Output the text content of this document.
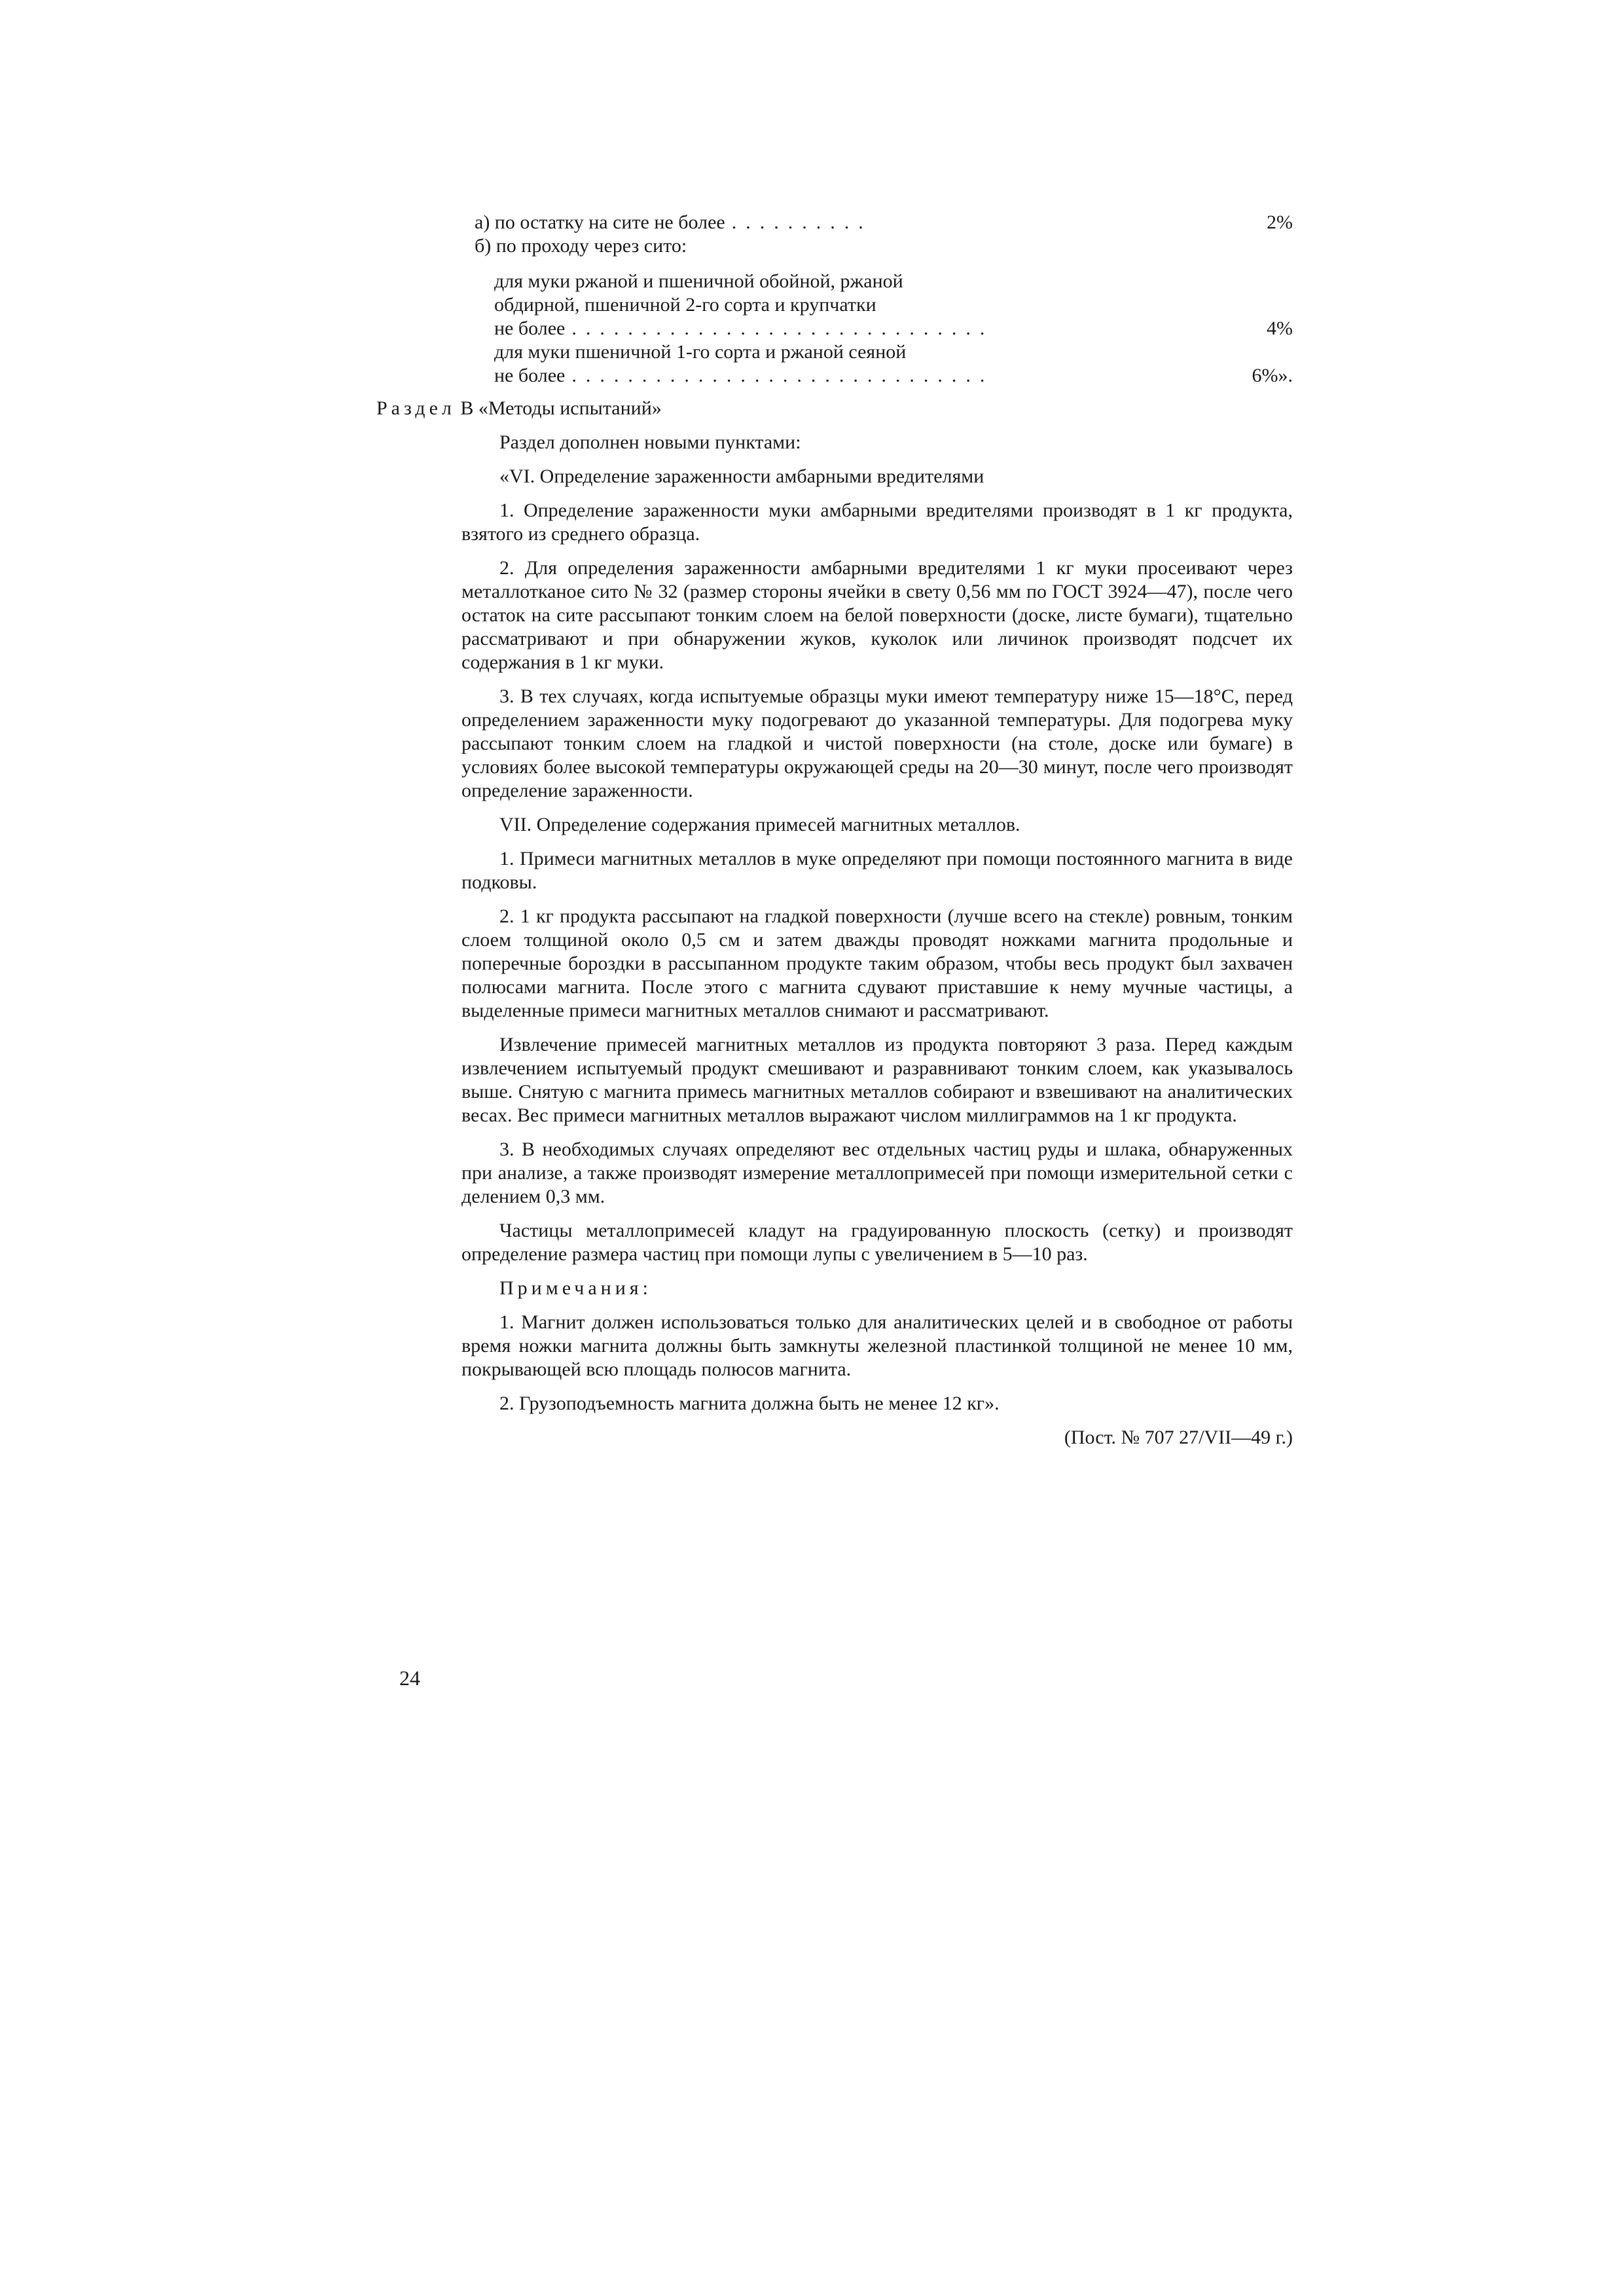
а) по остатку на сите не более ..........	2%
б) по проходу через сито:
для муки ржаной и пшеничной обойной, ржаной
обдирной, пшеничной 2-го сорта и крупчатки
не более ..............................	4%
для муки пшеничной 1-го сорта и ржаной сеяной
не более ..............................	6%».
Раздел В «Методы испытаний»

Раздел дополнен новыми пунктами:

«VI. Определение зараженности амбарными вредителями

1. Определение зараженности муки амбарными вредителями производят в 1 кг продукта, взятого из среднего образца.

2. Для определения зараженности амбарными вредителями 1 кг муки просеивают через металлотканое сито № 32 (размер стороны ячейки в свету 0,56 мм по ГОСТ 3924—47), после чего остаток на сите рассыпают тонким слоем на белой поверхности (доске, листе бумаги), тщательно рассматривают и при обнаружении жуков, куколок или личинок производят подсчет их содержания в 1 кг муки.

3. В тех случаях, когда испытуемые образцы муки имеют температуру ниже 15—18°С, перед определением зараженности муку подогревают до указанной температуры. Для подогрева муку рассыпают тонким слоем на гладкой и чистой поверхности (на столе, доске или бумаге) в условиях более высокой температуры окружающей среды на 20—30 минут, после чего производят определение зараженности.

VII. Определение содержания примесей магнитных металлов.

1. Примеси магнитных металлов в муке определяют при помощи постоянного магнита в виде подковы.

2. 1 кг продукта рассыпают на гладкой поверхности (лучше всего на стекле) ровным, тонким слоем толщиной около 0,5 см и затем дважды проводят ножками магнита продольные и поперечные бороздки в рассыпанном продукте таким образом, чтобы весь продукт был захвачен полюсами магнита. После этого с магнита сдувают приставшие к нему мучные частицы, а выделенные примеси магнитных металлов снимают и рассматривают.

Извлечение примесей магнитных металлов из продукта повторяют 3 раза. Перед каждым извлечением испытуемый продукт смешивают и разравнивают тонким слоем, как указывалось выше. Снятую с магнита примесь магнитных металлов собирают и взвешивают на аналитических весах. Вес примеси магнитных металлов выражают числом миллиграммов на 1 кг продукта.

3. В необходимых случаях определяют вес отдельных частиц руды и шлака, обнаруженных при анализе, а также производят измерение металлопримесей при помощи измерительной сетки с делением 0,3 мм.

Частицы металлопримесей кладут на градуированную плоскость (сетку) и производят определение размера частиц при помощи лупы с увеличением в 5—10 раз.

Примечания:

1. Магнит должен использоваться только для аналитических целей и в свободное от работы время ножки магнита должны быть замкнуты железной пластинкой толщиной не менее 10 мм, покрывающей всю площадь полюсов магнита.

2. Грузоподъемность магнита должна быть не менее 12 кг».

(Пост. № 707 27/VII—49 г.)
24
